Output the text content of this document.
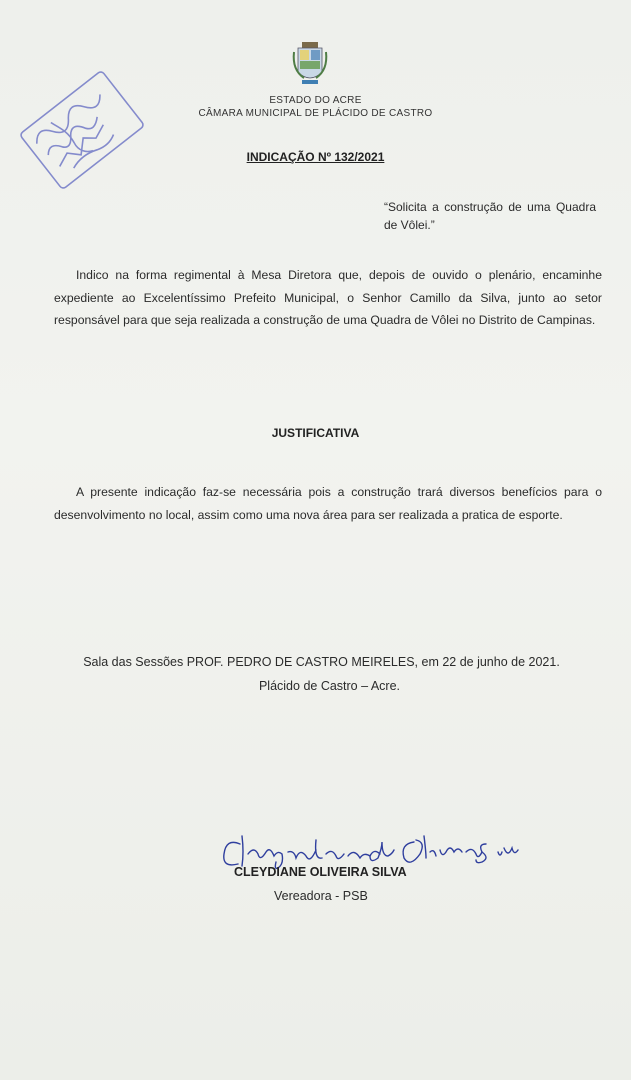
ESTADO DO ACRE
CÂMARA MUNICIPAL DE PLÁCIDO DE CASTRO
INDICAÇÃO Nº 132/2021
“Solicita a construção de uma Quadra de Vôlei.”
Indico na forma regimental à Mesa Diretora que, depois de ouvido o plenário, encaminhe expediente ao Excelentíssimo Prefeito Municipal, o Senhor Camillo da Silva, junto ao setor responsável para que seja realizada a construção de uma Quadra de Vôlei no Distrito de Campinas.
JUSTIFICATIVA
A presente indicação faz-se necessária pois a construção trará diversos benefícios para o desenvolvimento no local, assim como uma nova área para ser realizada a pratica de esporte.
Sala das Sessões PROF. PEDRO DE CASTRO MEIRELES, em 22 de junho de 2021.
Plácido de Castro – Acre.
CLEYDIANE OLIVEIRA SILVA
Vereadora - PSB
